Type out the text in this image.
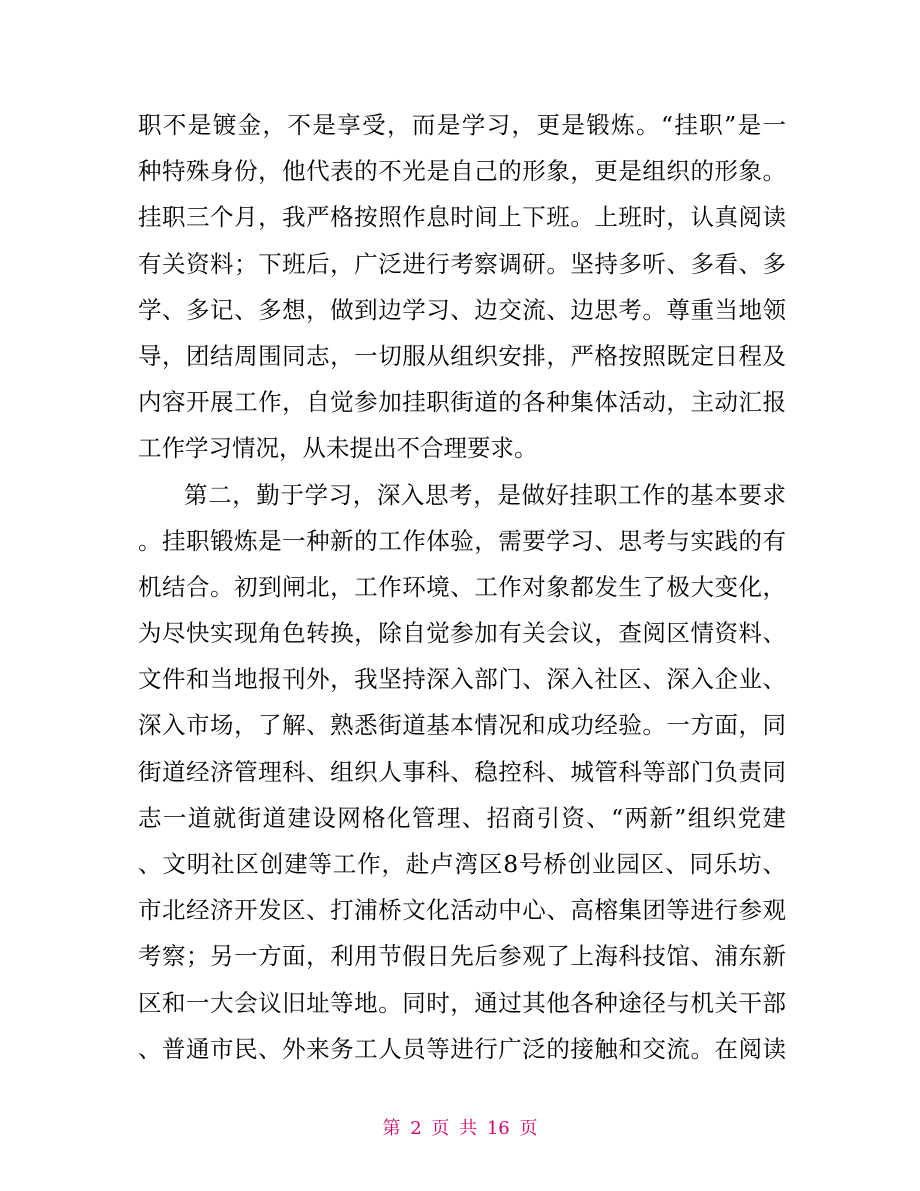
职不是镀金，不是享受，而是学习，更是锻炼。“挂职”是一
种特殊身份，他代表的不光是自己的形象，更是组织的形象。
挂职三个月，我严格按照作息时间上下班。上班时，认真阅读
有关资料；下班后，广泛进行考察调研。坚持多听、多看、多
学、多记、多想，做到边学习、边交流、边思考。尊重当地领
导，团结周围同志，一切服从组织安排，严格按照既定日程及
内容开展工作，自觉参加挂职街道的各种集体活动，主动汇报
工作学习情况，从未提出不合理要求。
第二，勤于学习，深入思考，是做好挂职工作的基本要求
。挂职锻炼是一种新的工作体验，需要学习、思考与实践的有
机结合。初到闸北，工作环境、工作对象都发生了极大变化，
为尽快实现角色转换，除自觉参加有关会议，查阅区情资料、
文件和当地报刊外，我坚持深入部门、深入社区、深入企业、
深入市场，了解、熟悉街道基本情况和成功经验。一方面，同
街道经济管理科、组织人事科、稳控科、城管科等部门负责同
志一道就街道建设网格化管理、招商引资、“两新”组织党建
、文明社区创建等工作，赴卢湾区8号桥创业园区、同乐坊、
市北经济开发区、打浦桥文化活动中心、高榕集团等进行参观
考察；另一方面，利用节假日先后参观了上海科技馆、浦东新
区和一大会议旧址等地。同时，通过其他各种途径与机关干部
、普通市民、外来务工人员等进行广泛的接触和交流。在阅读
第 2 页 共 16 页
